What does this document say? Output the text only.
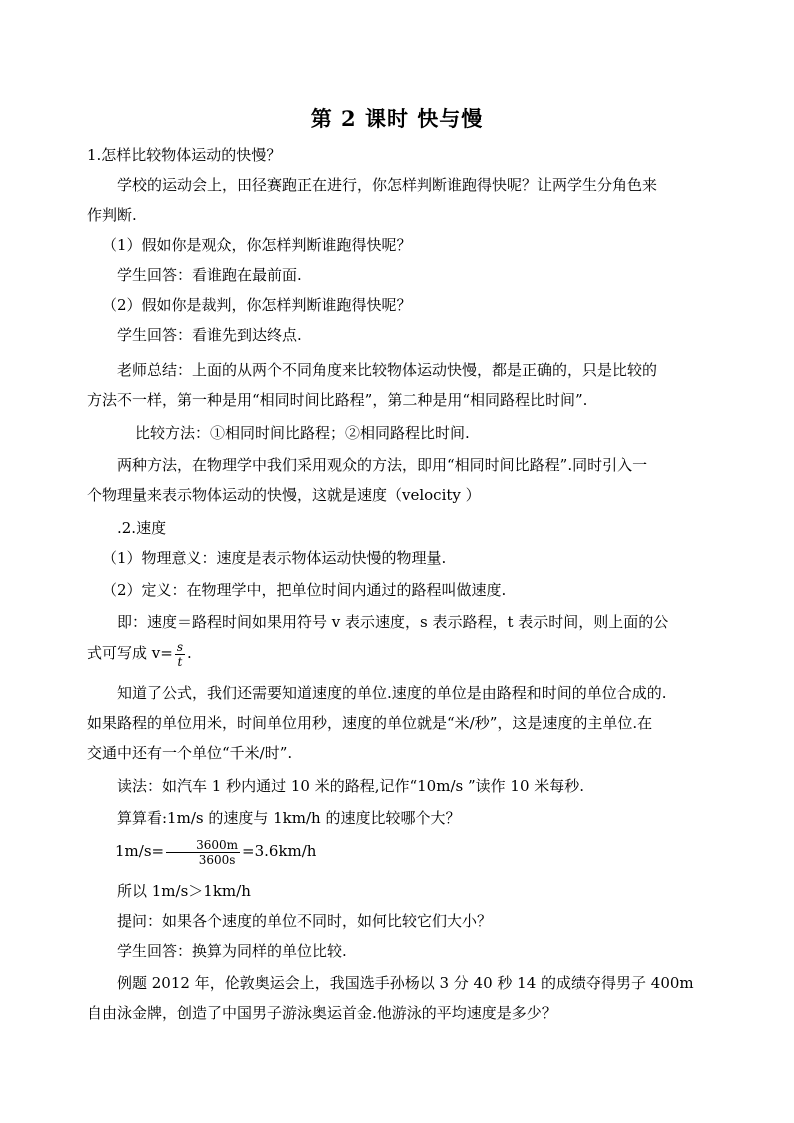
第 2 课时 快与慢
1.怎样比较物体运动的快慢？
学校的运动会上，田径赛跑正在进行，你怎样判断谁跑得快呢？让两学生分角色来
作判断.
（1）假如你是观众，你怎样判断谁跑得快呢？
学生回答：看谁跑在最前面.
（2）假如你是裁判，你怎样判断谁跑得快呢？
学生回答：看谁先到达终点.
老师总结：上面的从两个不同角度来比较物体运动快慢，都是正确的，只是比较的
方法不一样，第一种是用“相同时间比路程”，第二种是用“相同路程比时间”.
比较方法：①相同时间比路程；②相同路程比时间.
两种方法，在物理学中我们采用观众的方法，即用“相同时间比路程”.同时引入一
个物理量来表示物体运动的快慢，这就是速度（velocity ）
.2.速度
（1）物理意义：速度是表示物体运动快慢的物理量.
（2）定义：在物理学中，把单位时间内通过的路程叫做速度.
即：速度＝路程时间如果用符号 v 表示速度，s 表示路程，t 表示时间，则上面的公
式可写成 $v= \frac{s}{t}$ .
知道了公式，我们还需要知道速度的单位.速度的单位是由路程和时间的单位合成的.
如果路程的单位用米，时间单位用秒，速度的单位就是“米/秒”，这是速度的主单位.在
交通中还有一个单位“千米/时”.
读法：如汽车 1 秒内通过 10 米的路程,记作“10m/s ”读作 10 米每秒.
算算看:1m/s 的速度与 1km/h 的速度比较哪个大？
$1m/s= \frac{3600m}{3600s} =3.6km/h$
所以 1m/s＞1km/h
提问：如果各个速度的单位不同时，如何比较它们大小？
学生回答：换算为同样的单位比较.
例题 2012 年，伦敦奥运会上，我国选手孙杨以 3 分 40 秒 14 的成绩夺得男子 400m
自由泳金牌，创造了中国男子游泳奥运首金.他游泳的平均速度是多少？
